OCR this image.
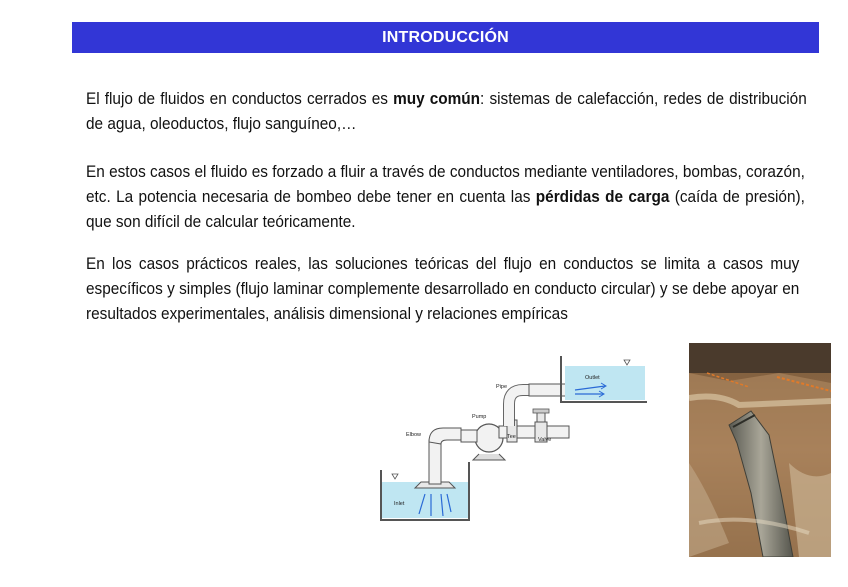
INTRODUCCIÓN

El flujo de fluidos en conductos cerrados es muy común: sistemas de calefacción, redes de distribución de agua, oleoductos, flujo sanguíneo,…

En estos casos el fluido es forzado a fluir a través de conductos mediante ventiladores, bombas, corazón, etc. La potencia necesaria de bombeo debe tener en cuenta las pérdidas de carga (caída de presión), que son difícil de calcular teóricamente.

En los casos prácticos reales, las soluciones teóricas del flujo en conductos se limita a casos muy específicos y simples (flujo laminar complemente desarrollado en conducto circular) y se debe apoyar en resultados experimentales, análisis dimensional y relaciones empíricas

Outlet
Pipe
Pump
Elbow	Tee	Valve
Inlet
